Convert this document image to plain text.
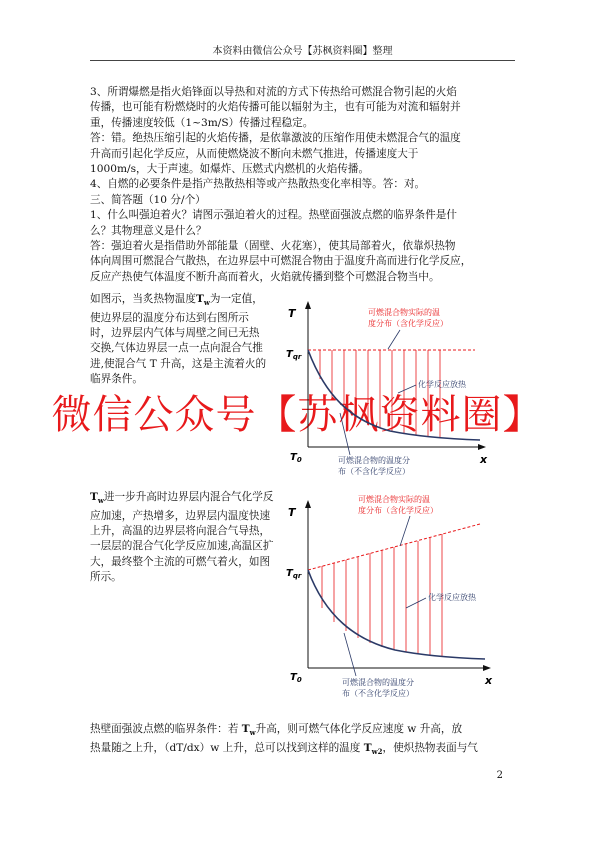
本资料由微信公众号【苏枫资料圈】整理
3、所谓爆燃是指火焰锋面以导热和对流的方式下传热给可燃混合物引起的火焰
传播，也可能有粉燃烧时的火焰传播可能以辐射为主，也有可能为对流和辐射并
重，传播速度较低（1~3m/S）传播过程稳定。
答：错。绝热压缩引起的火焰传播，是依靠激波的压缩作用使未燃混合气的温度
升高而引起化学反应，从而使燃烧波不断向未燃气推进，传播速度大于
1000m/s，大于声速。如爆炸、压燃式内燃机的火焰传播。
4、自燃的必要条件是指产热散热相等或产热散热变化率相等。答：对。
三、简答题（10 分/个）
1、什么叫强迫着火？请图示强迫着火的过程。热壁面强波点燃的临界条件是什
么？其物理意义是什么？
答：强迫着火是指借助外部能量（固壁、火花塞），使其局部着火，依靠炽热物
体向周围可燃混合气散热，在边界层中可燃混合物由于温度升高而进行化学反应，
反应产热使气体温度不断升高而着火，火焰就传播到整个可燃混合物当中。
如图示，当炙热物温度$T_w$为一定值，使边界层的温度分布达到右图所示时，边界层内气体与周壁之间已无热交换,气体边界层一点一点向混合气推进,使混合气 T 升高，这是主流着火的临界条件。
微信公众号【苏枫资料圈】
$T_w$进一步升高时边界层内混合气化学反应加速，产热增多，边界层内温度快速上升，高温的边界层将向混合气导热，一层层的混合气化学反应加速,高温区扩大，最终整个主流的可燃气着火，如图所示。
T
x
$T_0$
$T_{qr}$
可燃混合物实际的温 度分布（含化学反应）
化学反应放热
可燃混合物的温度分 布（不含化学反应）
T
x
$T_0$
$T_{qr}$
可燃混合物实际的温 度分布（含化学反应）
化学反应放热
可燃混合物的温度分 布（不含化学反应）
热壁面强波点燃的临界条件：若 $T_w$升高，则可燃气体化学反应速度 w 升高，放
热量随之上升，（dT/dx）w 上升，总可以找到这样的温度 $T_{w2}$，使炽热物表面与气
2
